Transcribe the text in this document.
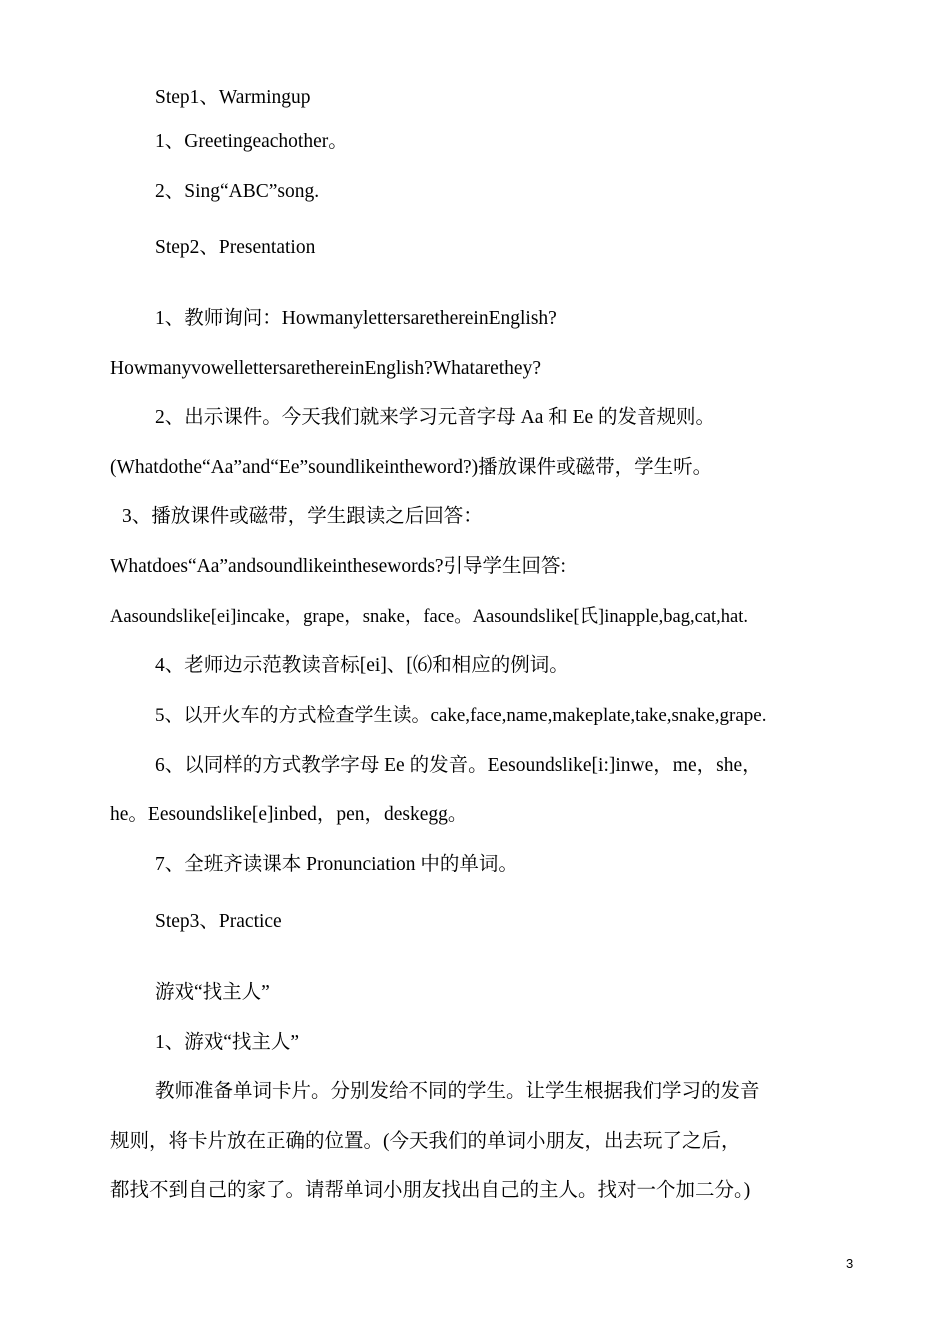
Step1、Warmingup
1、Greetingeachother。
2、Sing“ABC”song.
Step2、Presentation
1、教师询问：HowmanylettersarethereinEnglish?
HowmanyvowellettersarethereinEnglish?Whatarethey?
2、出示课件。今天我们就来学习元音字母 Aa 和 Ee 的发音规则。
(Whatdothe“Aa”and“Ee”soundlikeintheword?)播放课件或磁带，学生听。
3、播放课件或磁带，学生跟读之后回答：
Whatdoes“Aa”andsoundlikeinthesewords?引导学生回答:
Aasoundslike[ei]incake，grape，snake，face。Aasoundslike[氏]inapple,bag,cat,hat.
4、老师边示范教读音标[ei]、[⑹和相应的例词。
5、以开火车的方式检查学生读。cake,face,name,makeplate,take,snake,grape.
6、以同样的方式教学字母 Ee 的发音。Eesoundslike[i:]inwe，me，she，
he。Eesoundslike[e]inbed，pen，deskegg。
7、全班齐读课本 Pronunciation 中的单词。
Step3、Practice
游戏“找主人”
1、游戏“找主人”
教师准备单词卡片。分别发给不同的学生。让学生根据我们学习的发音
规则，将卡片放在正确的位置。(今天我们的单词小朋友，出去玩了之后，
都找不到自己的家了。请帮单词小朋友找出自己的主人。找对一个加二分。)
3
